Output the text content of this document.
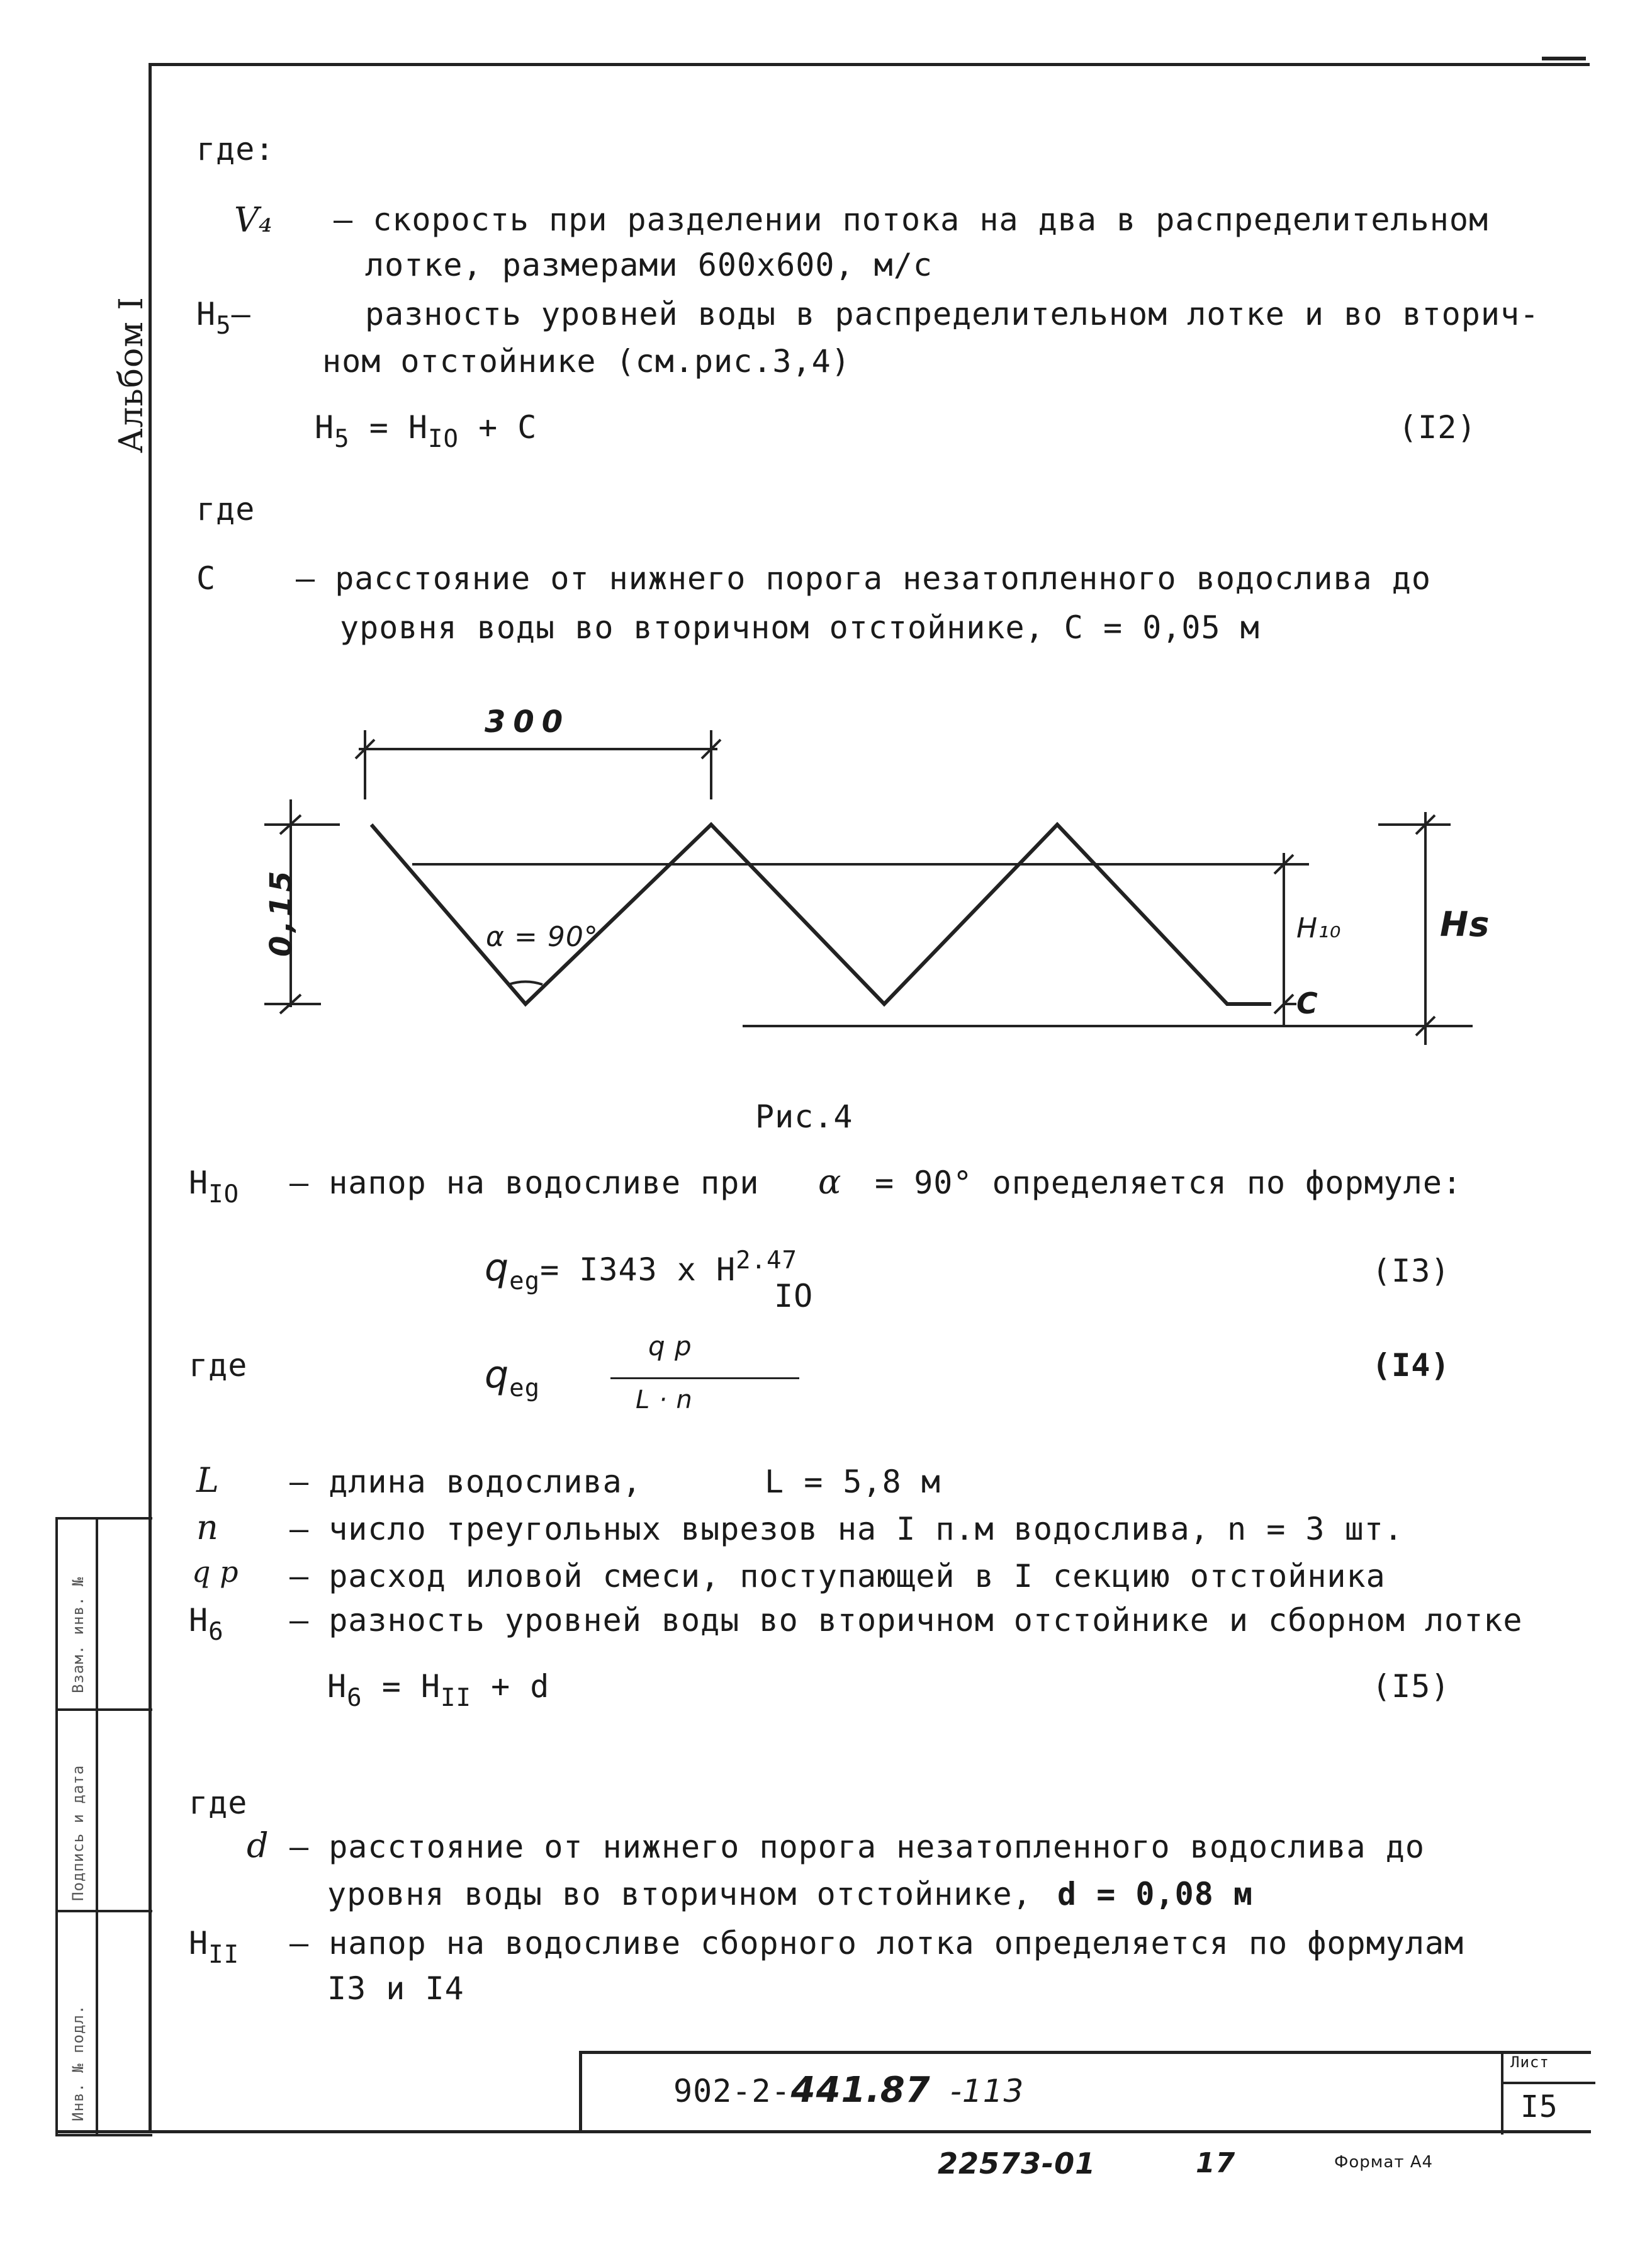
Альбом I
Взам. инв. №
Подпись и дата
Инв. № подл.
где:
V₄ – скорость при разделении потока на два в распределительном
лотке, размерами 600х600, м/с
$H_5-$	разность уровней воды в распределительном лотке и во вторич-
ном отстойнике (см.рис.3,4)
$H_5 = H_{IO} + C$	(I2)
где
C	– расстояние от нижнего порога незатопленного водослива до
уровня воды во вторичном отстойнике, C = 0,05 м
300
0,15	α = 90°	H₁₀	Hs
C
Рис.4
$H_{IO}$ – напор на водосливе при α = 90° определяется по формуле:
$q_{eg}= I343$ x $H^{2.47}$
IO
(I3)
где	$q_{eg}$
q p
L · n
(I4)
L – длина водослива,	L = 5,8 м
n – число треугольных вырезов на I п.м водослива, n = 3 шт.
q p – расход иловой смеси, поступающей в I секцию отстойника
$H_6$ – разность уровней воды во вторичном отстойнике и сборном лотке
$H_6 = H_{II} + d$	(I5)
где
d – расстояние от нижнего порога незатопленного водослива до
уровня воды во вторичном отстойнике, d = 0,08 м
$H_{II}$ – напор на водосливе сборного лотка определяется по формулам
I3 и I4
902-2-441.87 -113
Лист
I5
22573-01	17	Формат А4
